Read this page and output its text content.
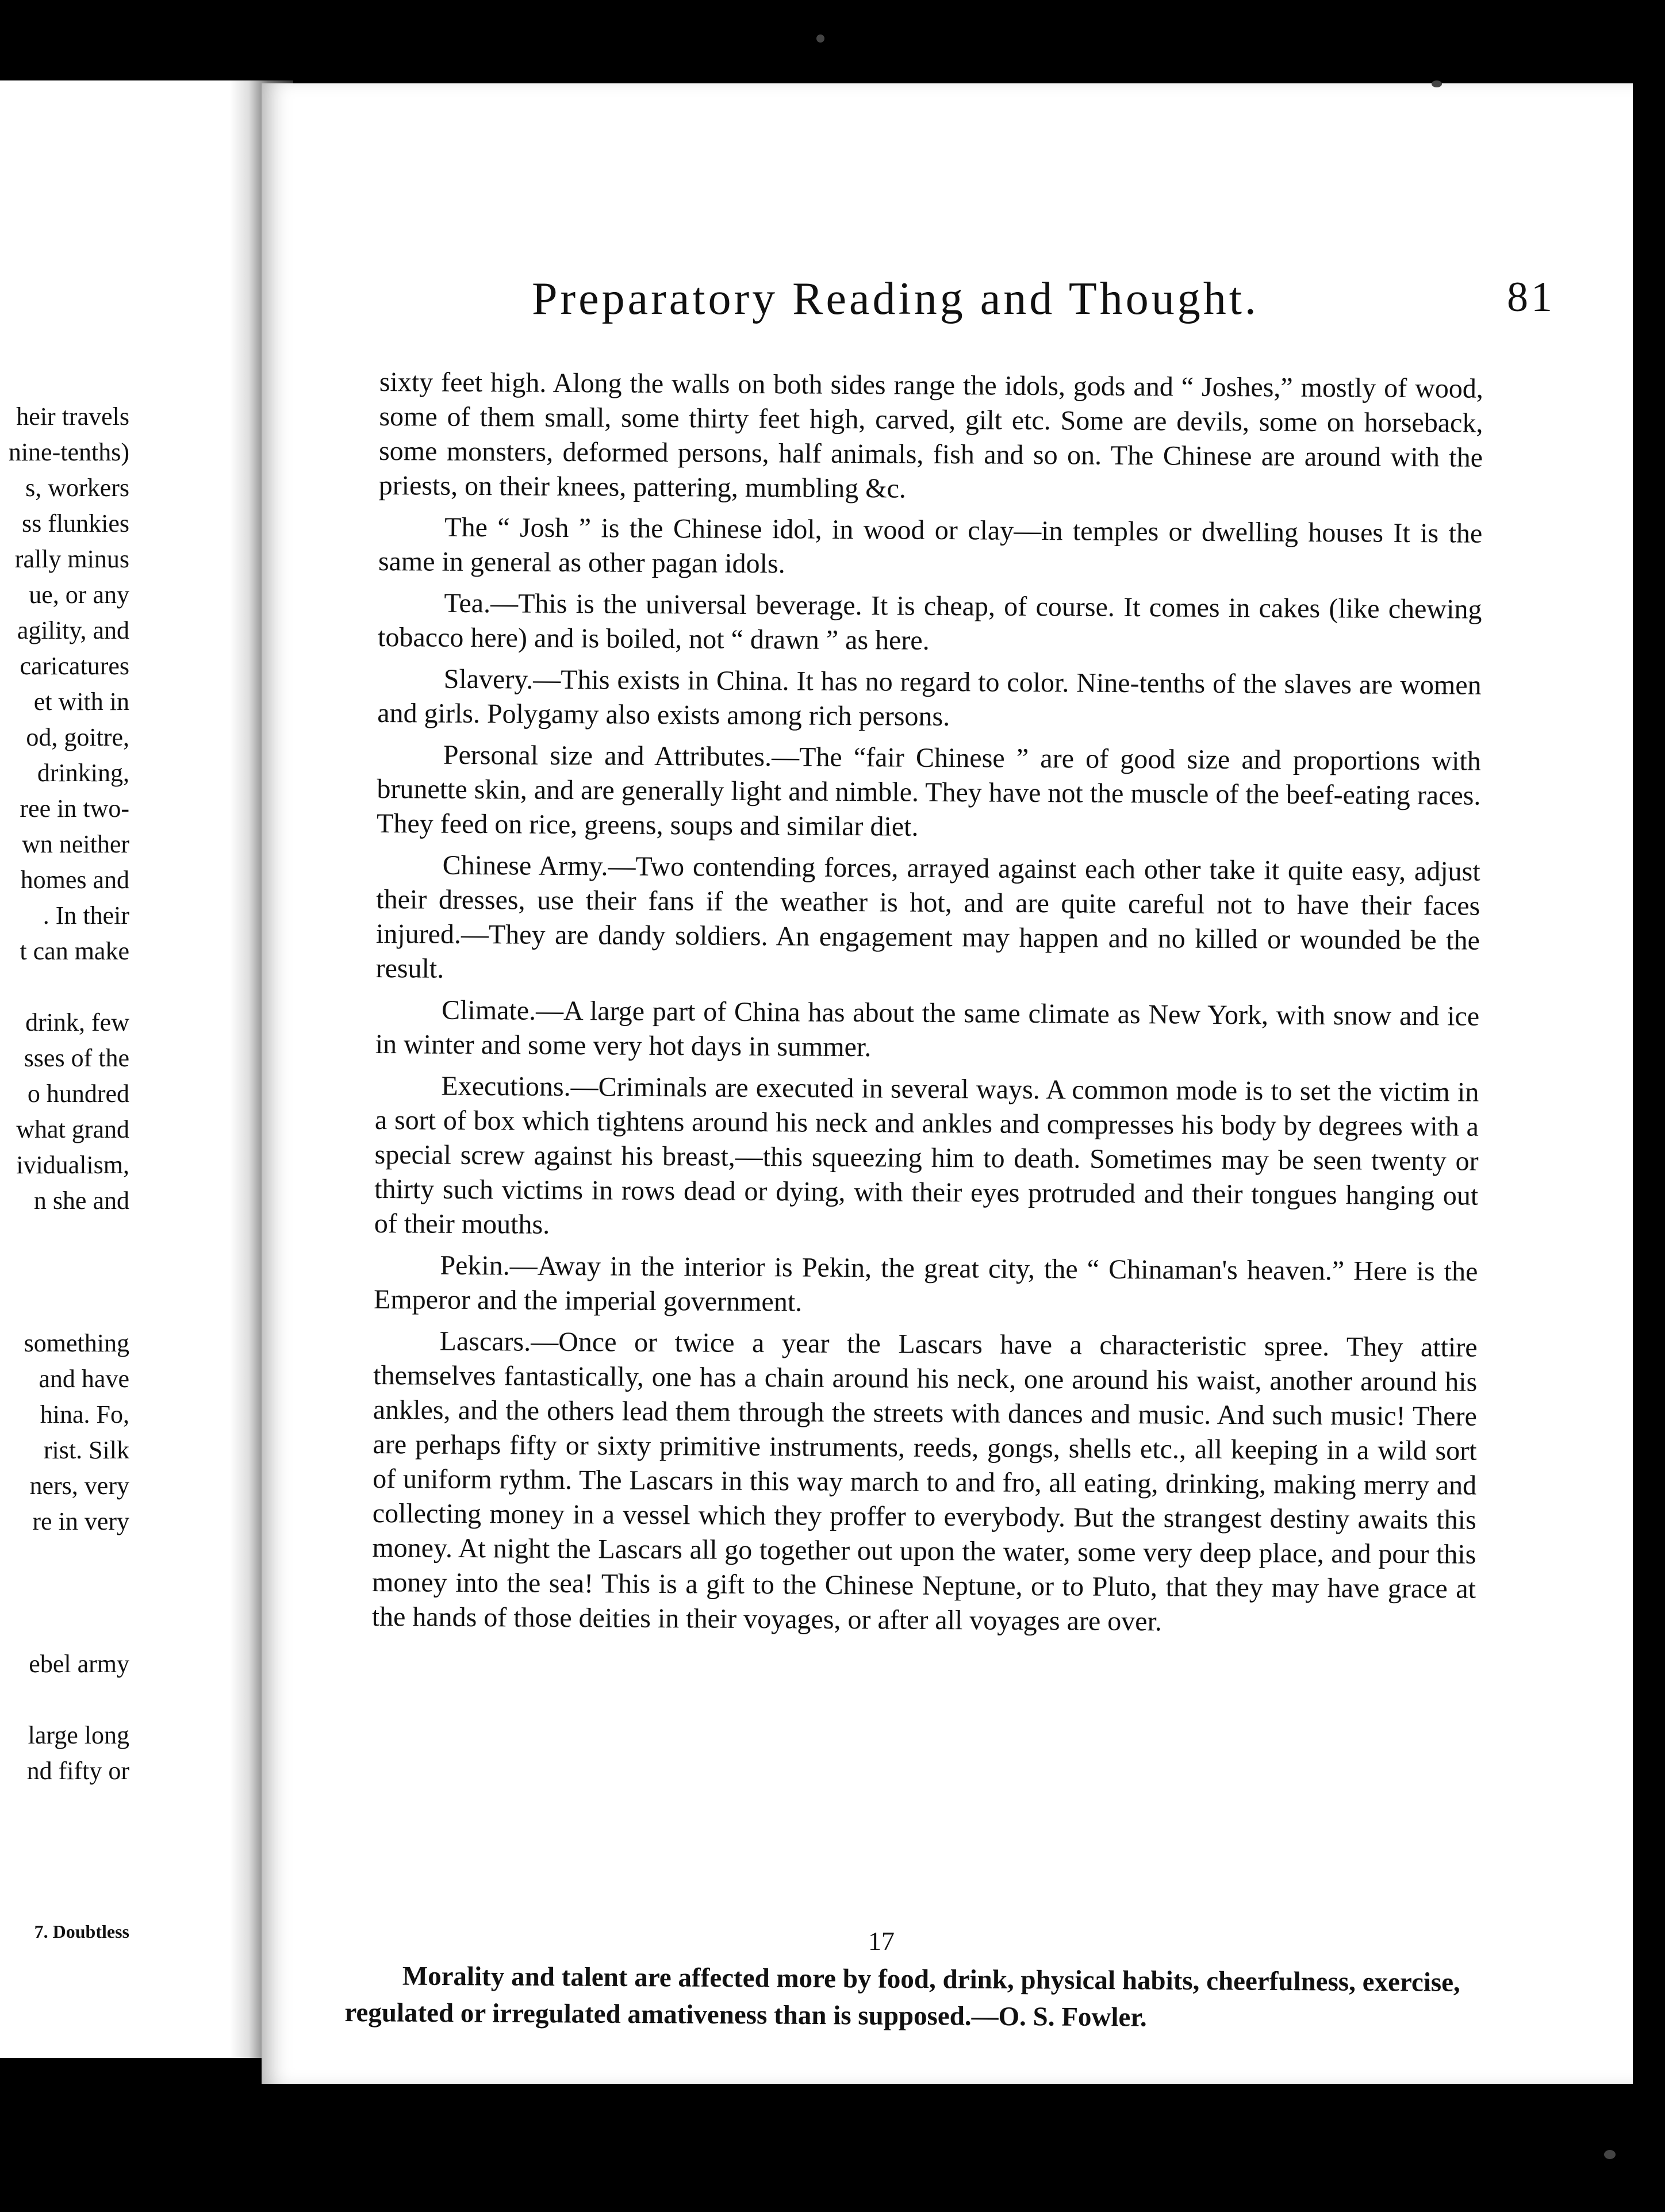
heir travels
nine-tenths)
s, workers
ss flunkies
rally minus
ue, or any
agility, and
caricatures
et with in
od, goitre,
drinking,
ree in two-
wn neither
homes and
. In their
t can make
drink, few
sses of the
o hundred
what grand
ividualism,
n she and
something
and have
hina. Fo,
rist. Silk
ners, very
re in very
ebel army
large long
nd fifty or
7. Doubtless
Preparatory Reading and Thought.	81

sixty feet high. Along the walls on both sides range the idols, gods and “ Joshes,” mostly of wood, some of them small, some thirty feet high, carved, gilt etc. Some are devils, some on horseback, some monsters, deformed persons, half animals, fish and so on. The Chinese are around with the priests, on their knees, pattering, mumbling &c.

The “ Josh ” is the Chinese idol, in wood or clay—in temples or dwelling houses It is the same in general as other pagan idols.

Tea.—This is the universal beverage. It is cheap, of course. It comes in cakes (like chewing tobacco here) and is boiled, not “ drawn ” as here.

Slavery.—This exists in China. It has no regard to color. Nine-tenths of the slaves are women and girls. Polygamy also exists among rich persons.

Personal size and Attributes.—The “fair Chinese ” are of good size and proportions with brunette skin, and are generally light and nimble. They have not the muscle of the beef-eating races. They feed on rice, greens, soups and similar diet.

Chinese Army.—Two contending forces, arrayed against each other take it quite easy, adjust their dresses, use their fans if the weather is hot, and are quite careful not to have their faces injured.—They are dandy soldiers. An engagement may happen and no killed or wounded be the result.

Climate.—A large part of China has about the same climate as New York, with snow and ice in winter and some very hot days in summer.

Executions.—Criminals are executed in several ways. A common mode is to set the victim in a sort of box which tightens around his neck and ankles and compresses his body by degrees with a special screw against his breast,—this squeezing him to death. Sometimes may be seen twenty or thirty such victims in rows dead or dying, with their eyes protruded and their tongues hanging out of their mouths.

Pekin.—Away in the interior is Pekin, the great city, the “ Chinaman's heaven.” Here is the Emperor and the imperial government.

Lascars.—Once or twice a year the Lascars have a characteristic spree. They attire themselves fantastically, one has a chain around his neck, one around his waist, another around his ankles, and the others lead them through the streets with dances and music. And such music! There are perhaps fifty or sixty primitive instruments, reeds, gongs, shells etc., all keeping in a wild sort of uniform rythm. The Lascars in this way march to and fro, all eating, drinking, making merry and collecting money in a vessel which they proffer to everybody. But the strangest destiny awaits this money. At night the Lascars all go together out upon the water, some very deep place, and pour this money into the sea! This is a gift to the Chinese Neptune, or to Pluto, that they may have grace at the hands of those deities in their voyages, or after all voyages are over.

17
Morality and talent are affected more by food, drink, physical habits, cheerfulness, exercise, regulated or irregulated amativeness than is supposed.—O. S. Fowler.
